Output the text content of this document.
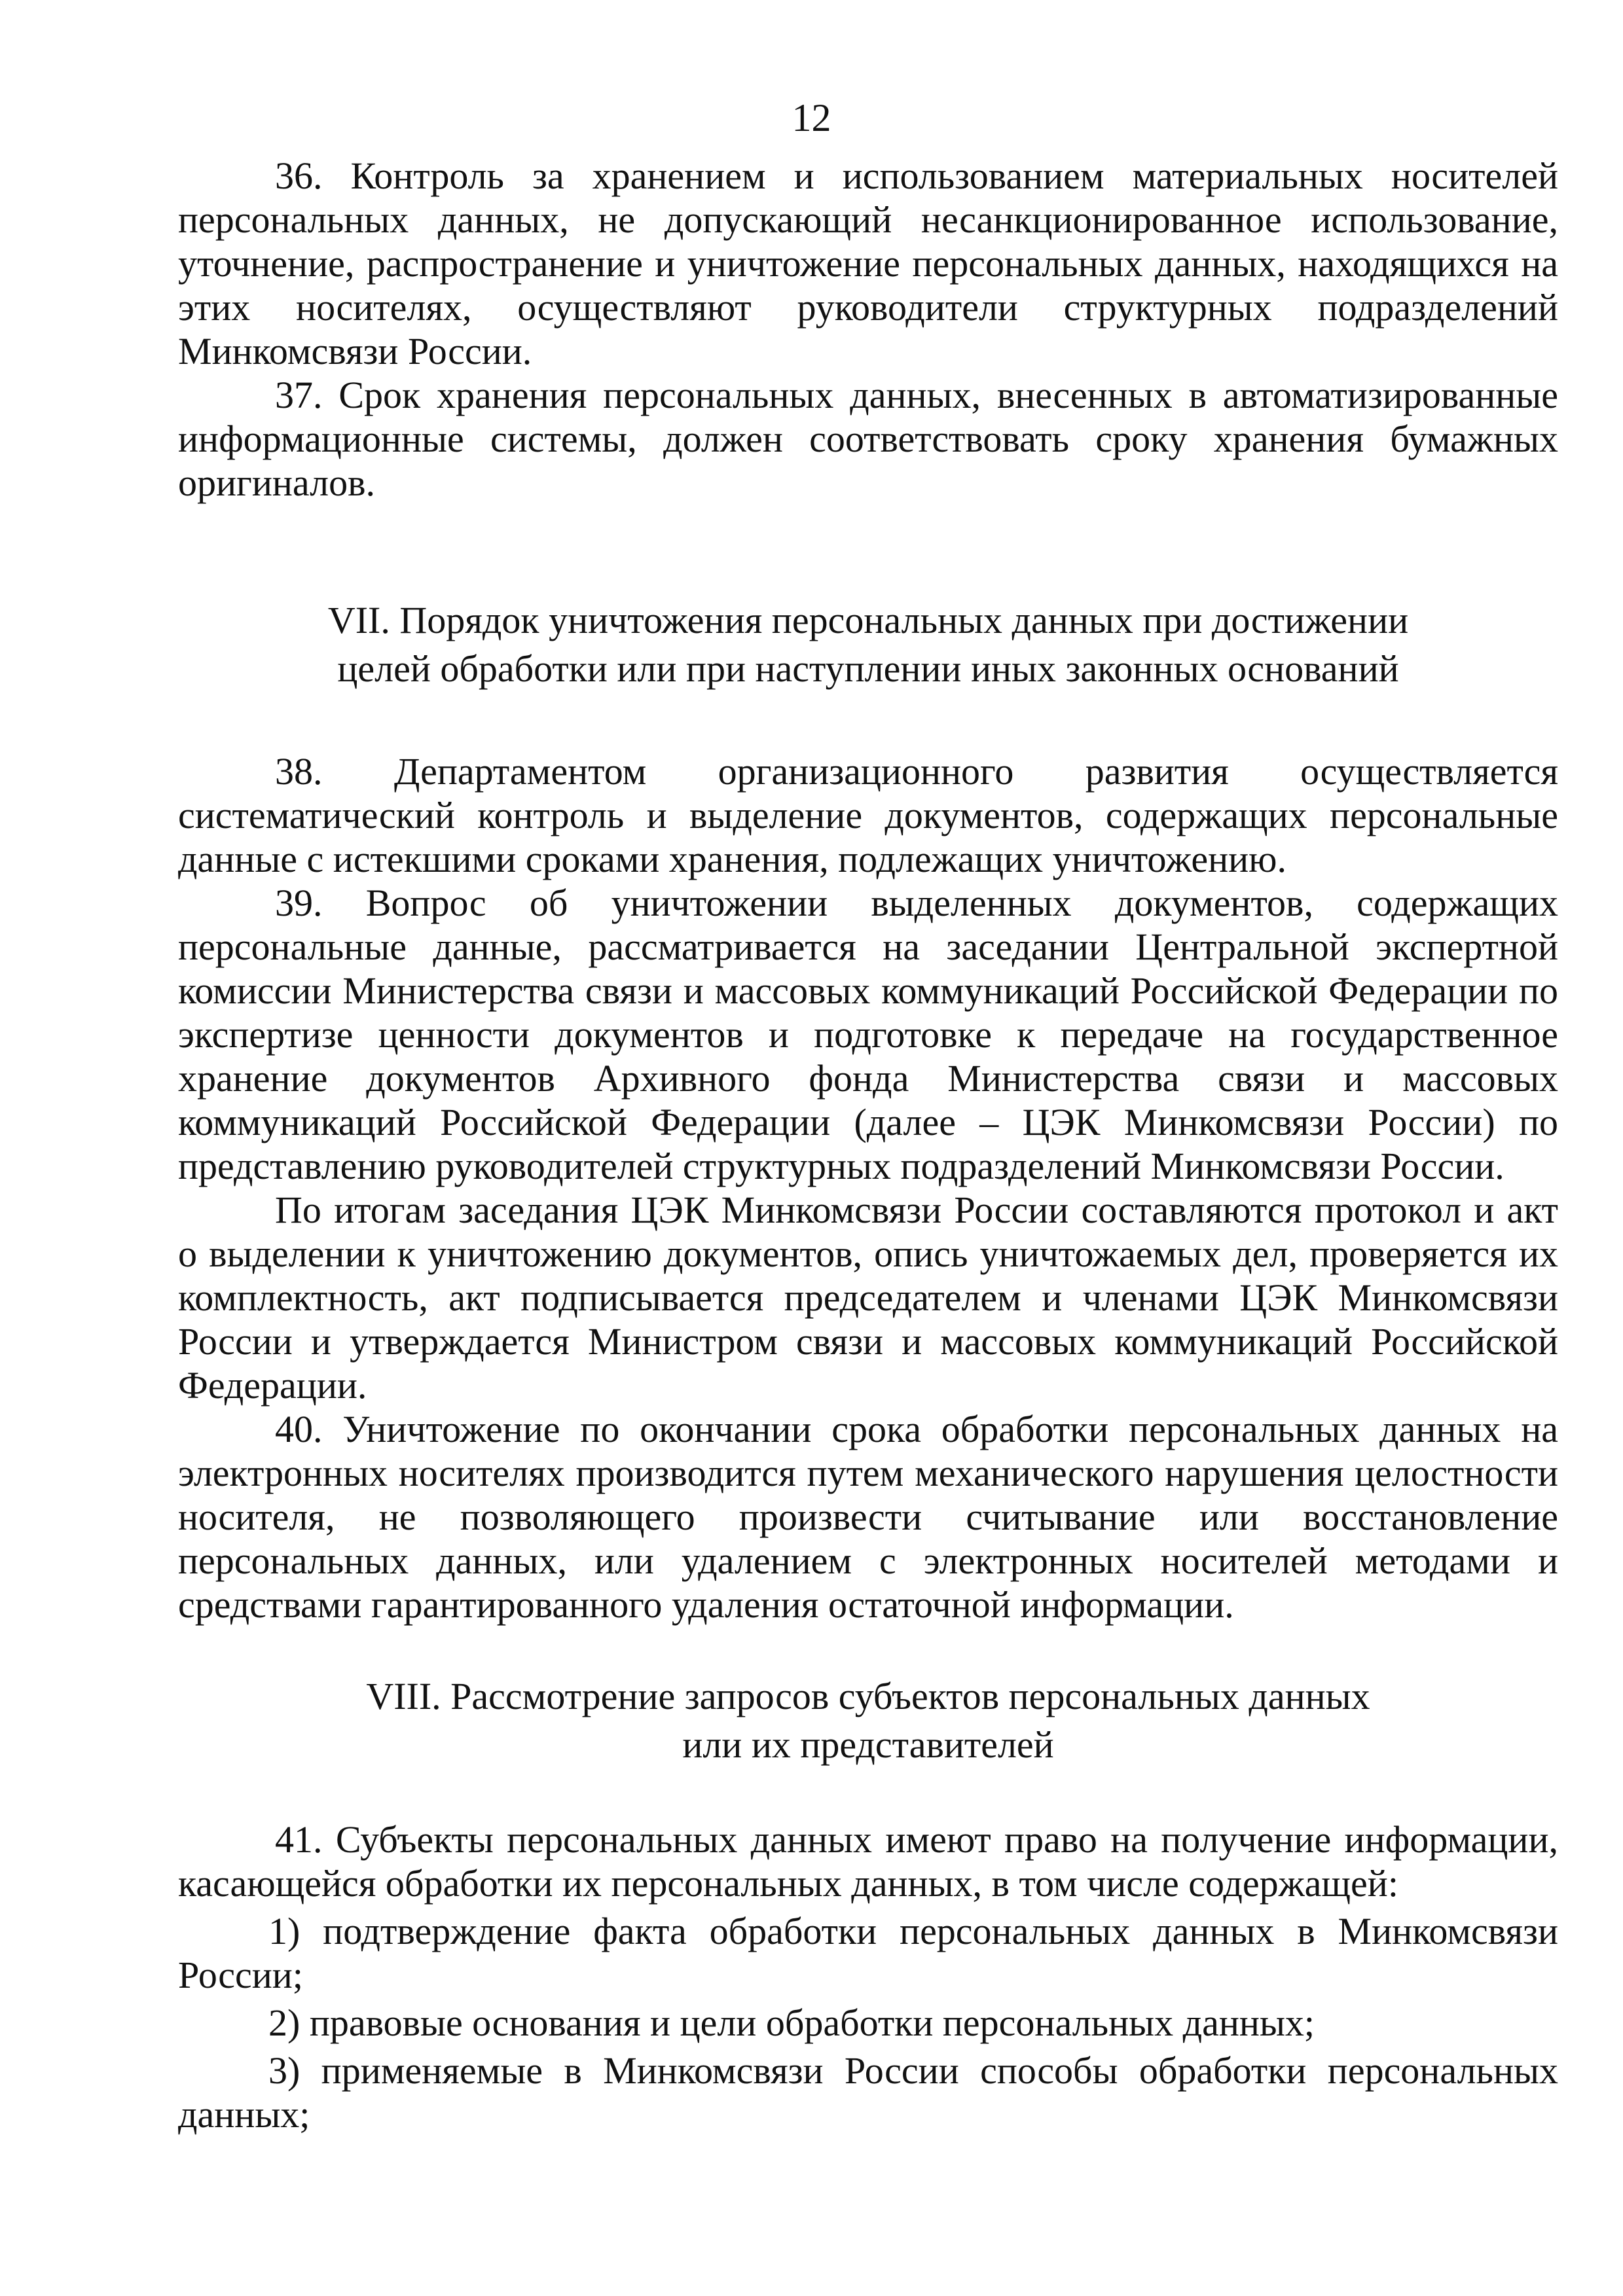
12

36. Контроль за хранением и использованием материальных носителей персональных данных, не допускающий несанкционированное использование, уточнение, распространение и уничтожение персональных данных, находящихся на этих носителях, осуществляют руководители структурных подразделений Минкомсвязи России.

37. Срок хранения персональных данных, внесенных в автоматизированные информационные системы, должен соответствовать сроку хранения бумажных оригиналов.

VII. Порядок уничтожения персональных данных при достижении

целей обработки или при наступлении иных законных оснований

38. Департаментом организационного развития осуществляется систематический контроль и выделение документов, содержащих персональные данные с истекшими сроками хранения, подлежащих уничтожению.

39. Вопрос об уничтожении выделенных документов, содержащих персональные данные, рассматривается на заседании Центральной экспертной комиссии Министерства связи и массовых коммуникаций Российской Федерации по экспертизе ценности документов и подготовке к передаче на государственное хранение документов Архивного фонда Министерства связи и массовых коммуникаций Российской Федерации (далее – ЦЭК Минкомсвязи России) по представлению руководителей структурных подразделений Минкомсвязи России.

По итогам заседания ЦЭК Минкомсвязи России составляются протокол и акт о выделении к уничтожению документов, опись уничтожаемых дел, проверяется их комплектность, акт подписывается председателем и членами ЦЭК Минкомсвязи России и утверждается Министром связи и массовых коммуникаций Российской Федерации.

40. Уничтожение по окончании срока обработки персональных данных на электронных носителях производится путем механического нарушения целостности носителя, не позволяющего произвести считывание или восстановление персональных данных, или удалением с электронных носителей методами и средствами гарантированного удаления остаточной информации.

VIII. Рассмотрение запросов субъектов персональных данных

или их представителей

41. Субъекты персональных данных имеют право на получение информации, касающейся обработки их персональных данных, в том числе содержащей:

1) подтверждение факта обработки персональных данных в Минкомсвязи России;

2) правовые основания и цели обработки персональных данных;

3) применяемые в Минкомсвязи России способы обработки персональных данных;
